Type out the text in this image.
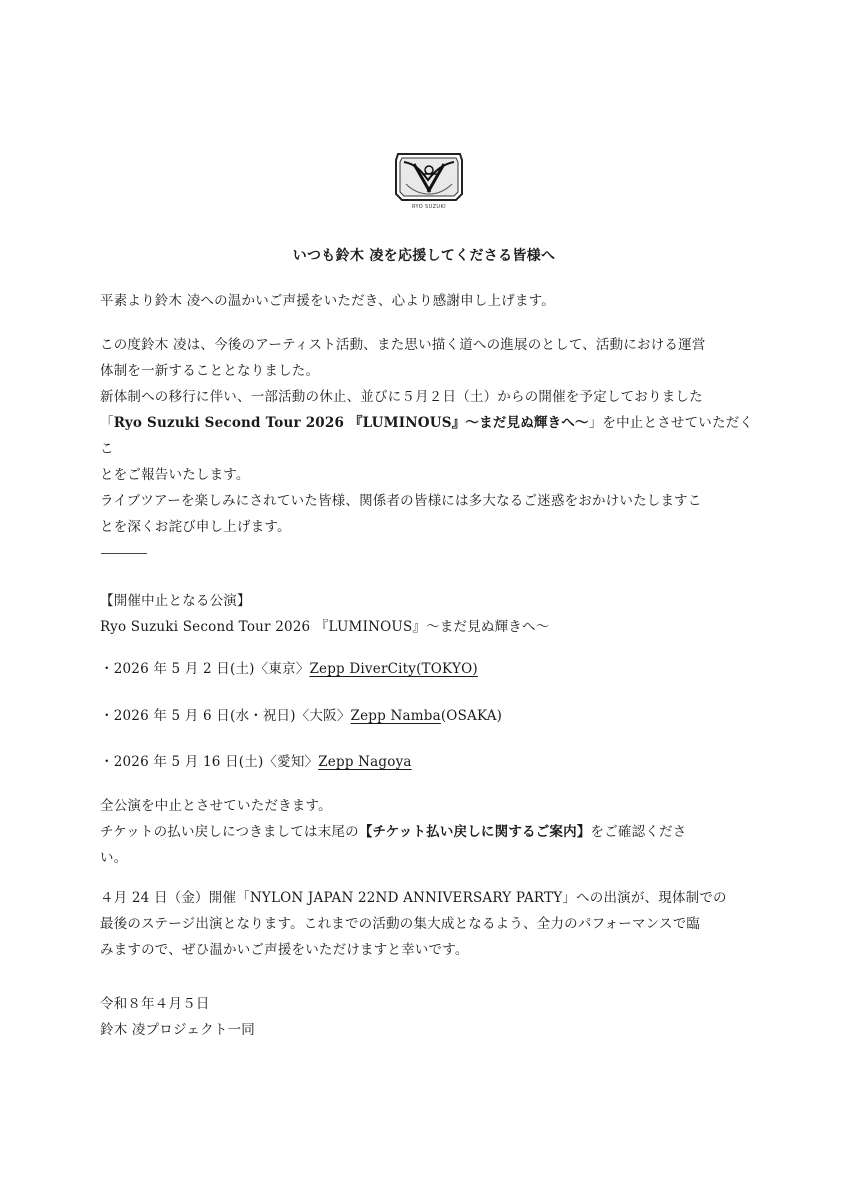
RYO SUZUKI
いつも鈴木 凌を応援してくださる皆様へ

平素より鈴木 凌への温かいご声援をいただき、心より感謝申し上げます。

この度鈴木 凌は、今後のアーティスト活動、また思い描く道への進展のとして、活動における運営

体制を一新することとなりました。

新体制への移行に伴い、一部活動の休止、並びに５月２日（土）からの開催を予定しておりました

「Ryo Suzuki Second Tour 2026 『LUMINOUS』～まだ見ぬ輝きへ～」を中止とさせていただくこ

とをご報告いたします。

ライブツアーを楽しみにされていた皆様、関係者の皆様には多大なるご迷惑をおかけいたしますこ

とを深くお詫び申し上げます。

【開催中止となる公演】

Ryo Suzuki Second Tour 2026 『LUMINOUS』～まだ見ぬ輝きへ～

・2026 年 5 月 2 日(土)〈東京〉Zepp DiverCity(TOKYO)

・2026 年 5 月 6 日(水・祝日)〈大阪〉Zepp Namba(OSAKA)

・2026 年 5 月 16 日(土)〈愛知〉Zepp Nagoya

全公演を中止とさせていただきます。

チケットの払い戻しにつきましては末尾の【チケット払い戻しに関するご案内】をご確認くださ

い。

４月 24 日（金）開催「NYLON JAPAN 22ND ANNIVERSARY PARTY」への出演が、現体制での

最後のステージ出演となります。これまでの活動の集大成となるよう、全力のパフォーマンスで臨

みますので、ぜひ温かいご声援をいただけますと幸いです。

令和８年４月５日

鈴木 凌プロジェクト一同
